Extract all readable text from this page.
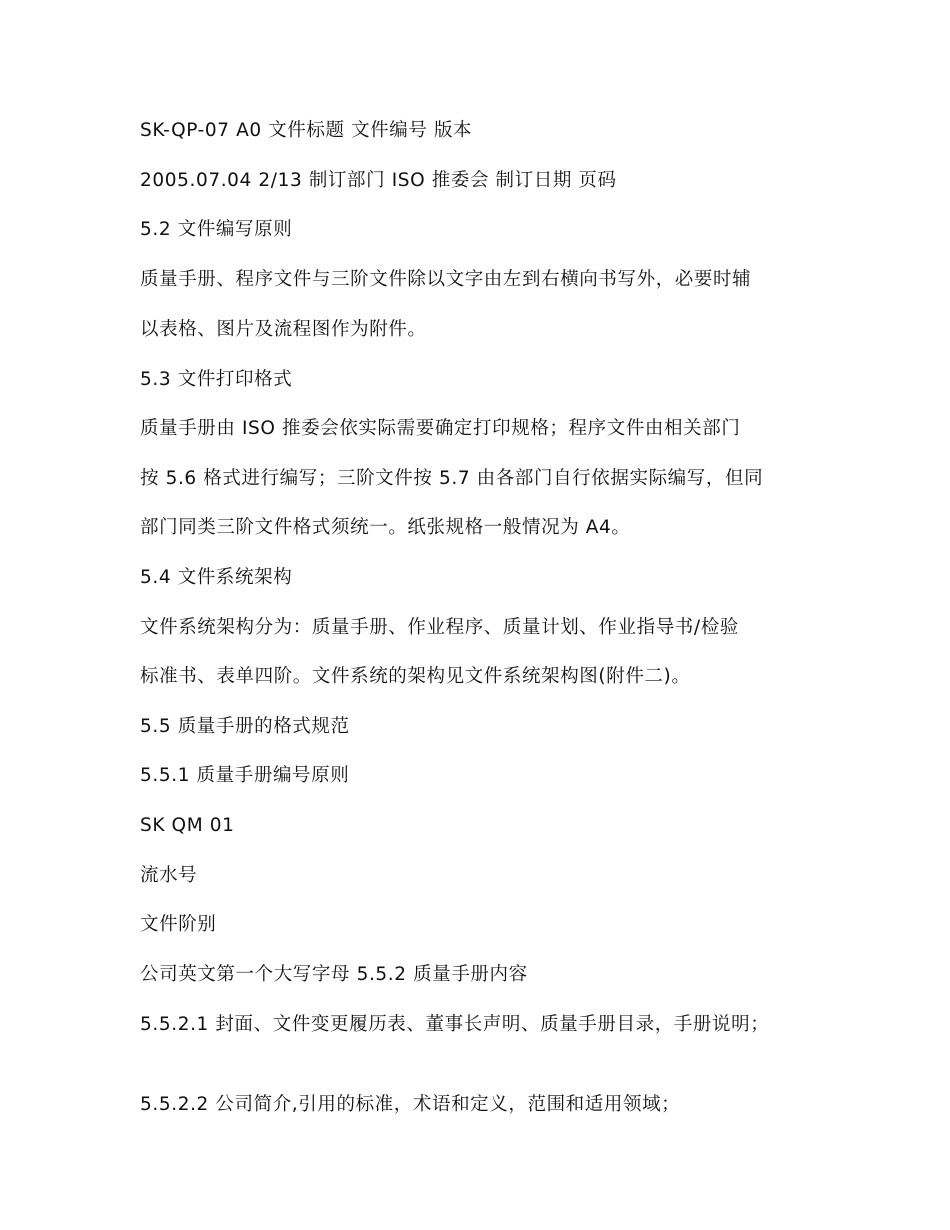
SK-QP-07 A0 文件标题 文件编号 版本

2005.07.04 2/13 制订部门 ISO 推委会 制订日期 页码

5.2 文件编写原则

质量手册、程序文件与三阶文件除以文字由左到右横向书写外，必要时辅

以表格、图片及流程图作为附件。

5.3 文件打印格式

质量手册由 ISO 推委会依实际需要确定打印规格；程序文件由相关部门

按 5.6 格式进行编写；三阶文件按 5.7 由各部门自行依据实际编写，但同

部门同类三阶文件格式须统一。纸张规格一般情况为 A4。

5.4 文件系统架构

文件系统架构分为：质量手册、作业程序、质量计划、作业指导书/检验

标准书、表单四阶。文件系统的架构见文件系统架构图(附件二)。

5.5 质量手册的格式规范

5.5.1 质量手册编号原则

SK QM 01

流水号

文件阶别

公司英文第一个大写字母 5.5.2 质量手册内容

5.5.2.1 封面、文件变更履历表、董事长声明、质量手册目录，手册说明；

5.5.2.2 公司简介,引用的标准，术语和定义，范围和适用领域；
